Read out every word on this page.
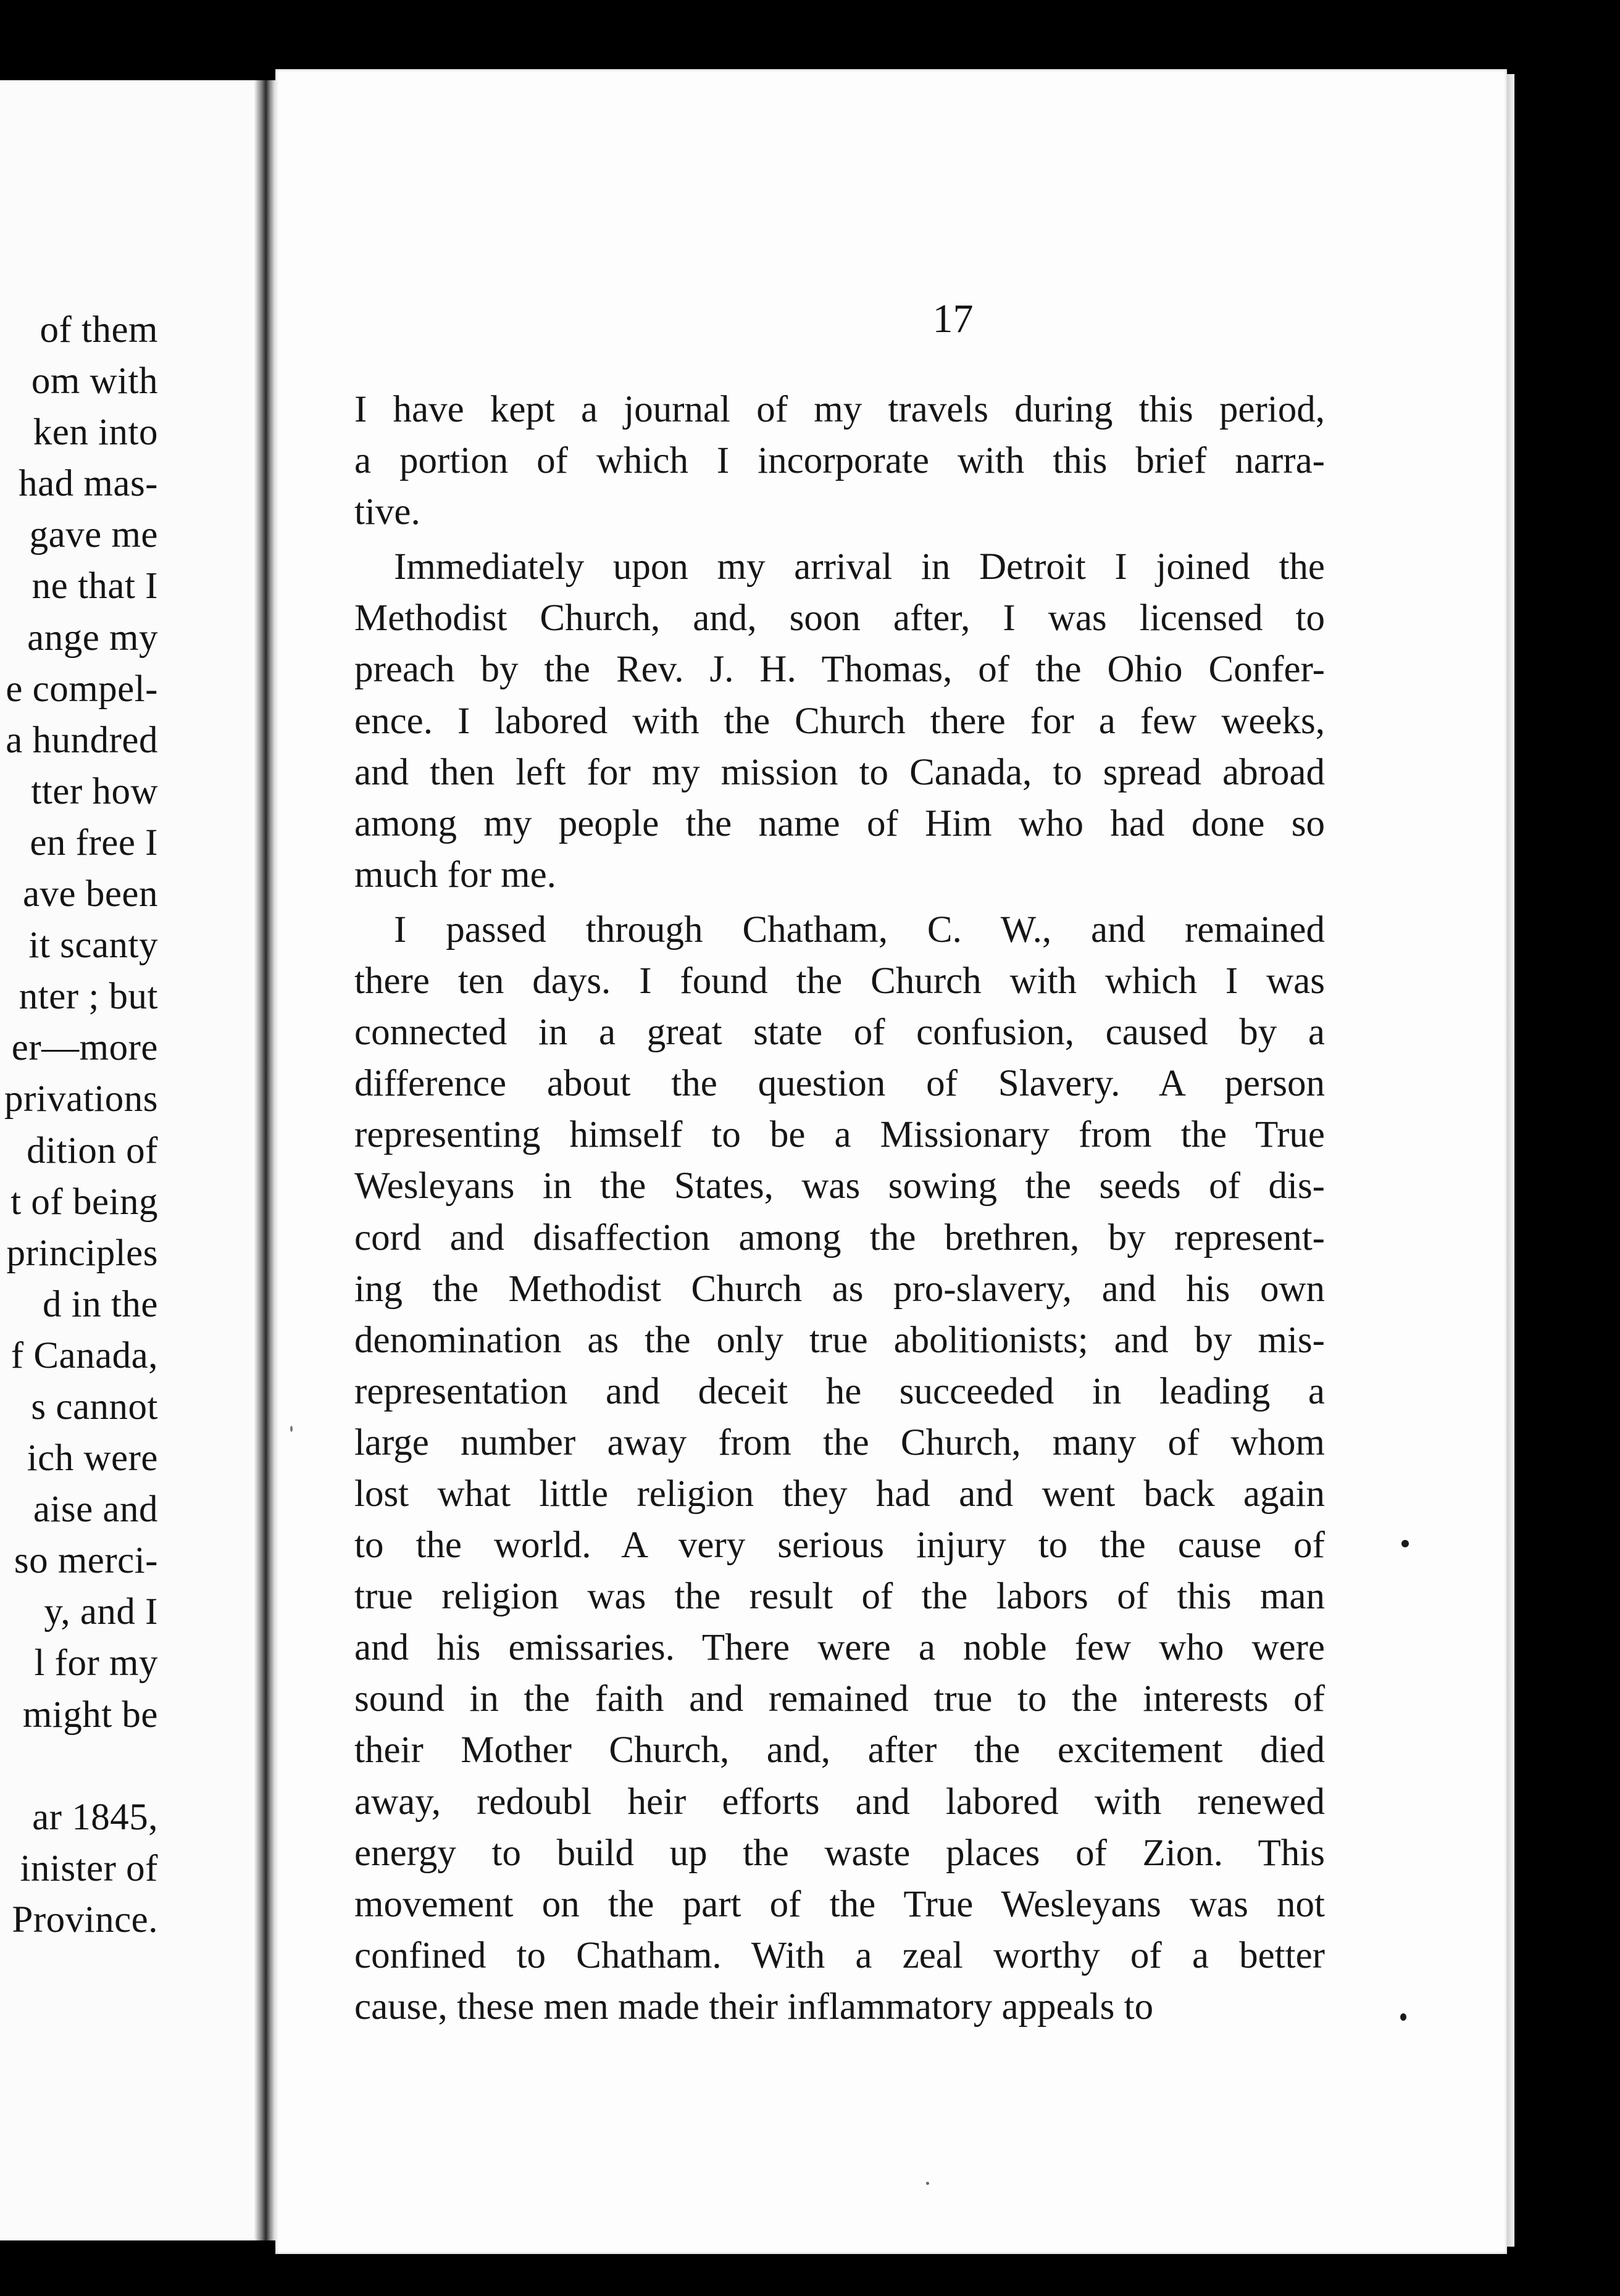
of them
om with
ken into
had mas-
gave me
ne that I
ange my
e compel-
a hundred
tter how
en free I
ave been
it scanty
nter ; but
er—more
privations
dition of
t of being
principles
d in the
f Canada,
s cannot
ich were
aise and
so merci-
y, and I
l for my
might be
ar 1845,
inister of
Province.
17
I have kept a journal of my travels during this period,
a portion of which I incorporate with this brief narra-
tive.
Immediately upon my arrival in Detroit I joined the
Methodist Church, and, soon after, I was licensed to
preach by the Rev. J. H. Thomas, of the Ohio Confer-
ence. I labored with the Church there for a few weeks,
and then left for my mission to Canada, to spread abroad
among my people the name of Him who had done so
much for me.
I passed through Chatham, C. W., and remained
there ten days. I found the Church with which I was
connected in a great state of confusion, caused by a
difference about the question of Slavery. A person
representing himself to be a Missionary from the True
Wesleyans in the States, was sowing the seeds of dis-
cord and disaffection among the brethren, by represent-
ing the Methodist Church as pro-slavery, and his own
denomination as the only true abolitionists; and by mis-
representation and deceit he succeeded in leading a
large number away from the Church, many of whom
lost what little religion they had and went back again
to the world. A very serious injury to the cause of
true religion was the result of the labors of this man
and his emissaries. There were a noble few who were
sound in the faith and remained true to the interests of
their Mother Church, and, after the excitement died
away, redoubl heir efforts and labored with renewed
energy to build up the waste places of Zion. This
movement on the part of the True Wesleyans was not
confined to Chatham. With a zeal worthy of a better
cause, these men made their inflammatory appeals to
